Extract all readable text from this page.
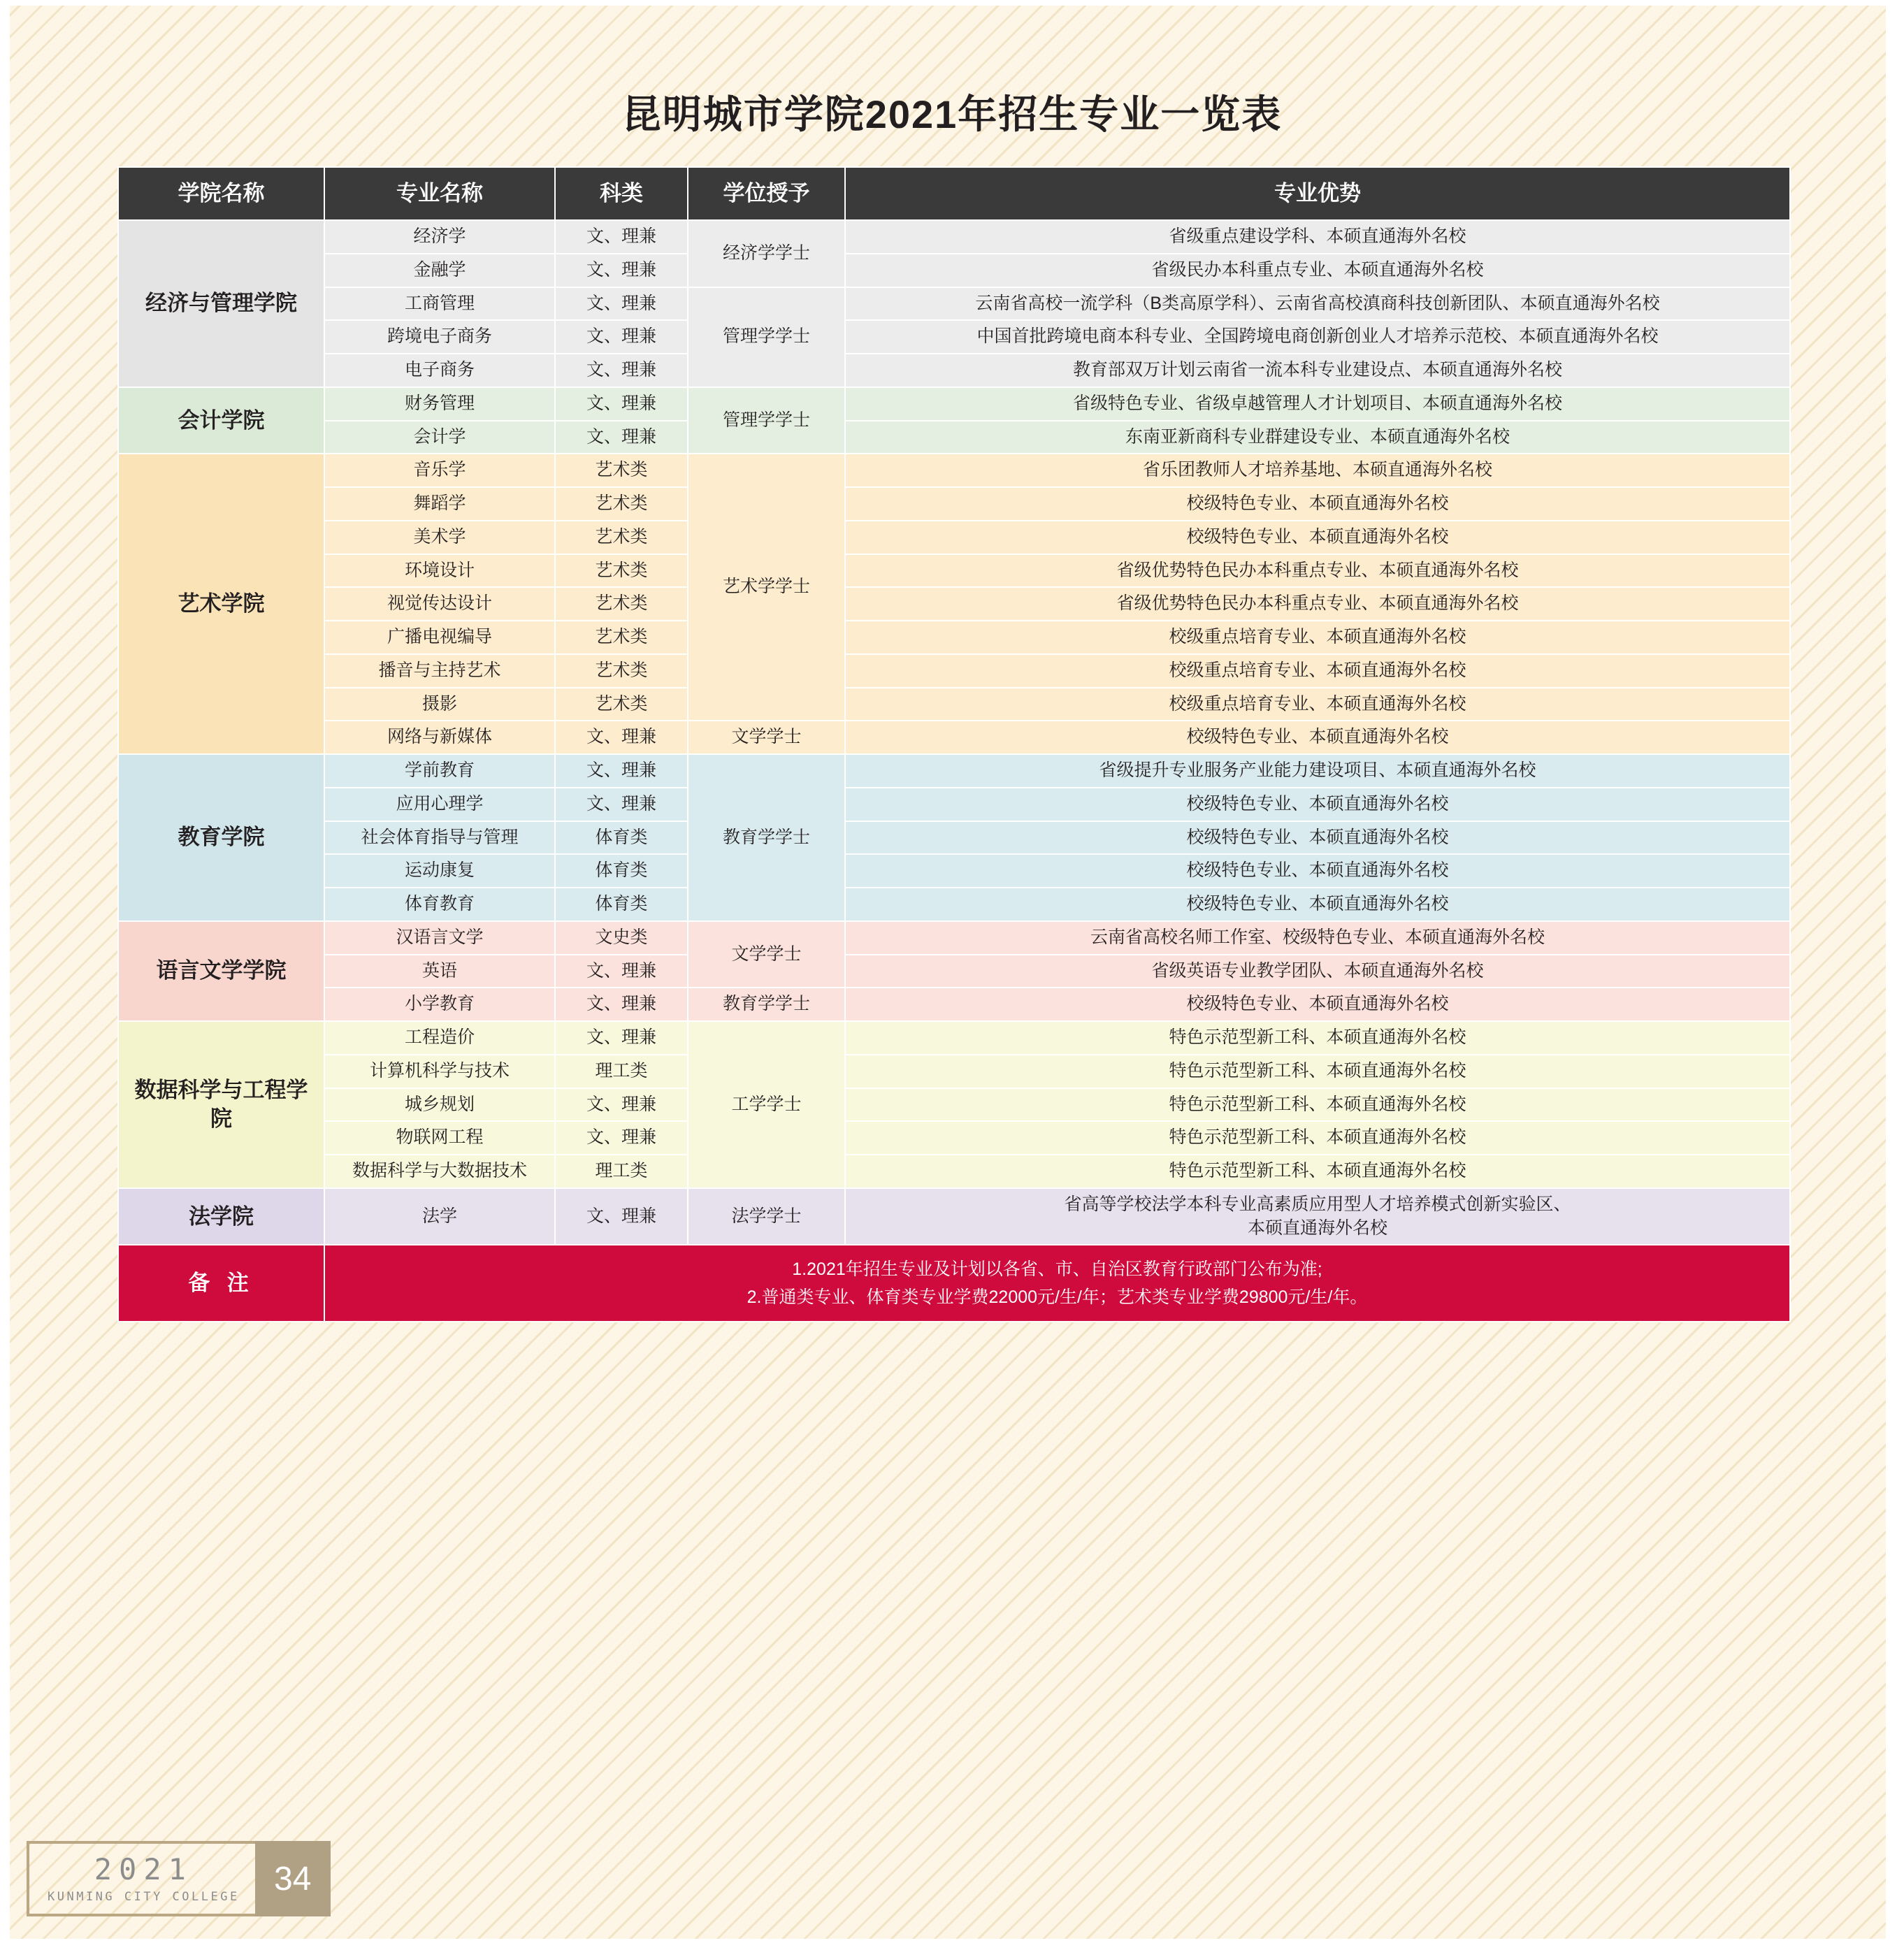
昆明城市学院2021年招生专业一览表
学院名称	专业名称	科类	学位授予	专业优势
经济与管理学院	经济学	文、理兼	经济学学士	省级重点建设学科、本硕直通海外名校
	金融学	文、理兼		省级民办本科重点专业、本硕直通海外名校
	工商管理	文、理兼	管理学学士	云南省高校一流学科（B类高原学科）、云南省高校滇商科技创新团队、本硕直通海外名校
	跨境电子商务	文、理兼		中国首批跨境电商本科专业、全国跨境电商创新创业人才培养示范校、本硕直通海外名校
	电子商务	文、理兼		教育部双万计划云南省一流本科专业建设点、本硕直通海外名校
会计学院	财务管理	文、理兼	管理学学士	省级特色专业、省级卓越管理人才计划项目、本硕直通海外名校
	会计学	文、理兼		东南亚新商科专业群建设专业、本硕直通海外名校
艺术学院	音乐学	艺术类	艺术学学士	省乐团教师人才培养基地、本硕直通海外名校
	舞蹈学	艺术类		校级特色专业、本硕直通海外名校
	美术学	艺术类		校级特色专业、本硕直通海外名校
	环境设计	艺术类		省级优势特色民办本科重点专业、本硕直通海外名校
	视觉传达设计	艺术类		省级优势特色民办本科重点专业、本硕直通海外名校
	广播电视编导	艺术类		校级重点培育专业、本硕直通海外名校
	播音与主持艺术	艺术类		校级重点培育专业、本硕直通海外名校
	摄影	艺术类		校级重点培育专业、本硕直通海外名校
	网络与新媒体	文、理兼	文学学士	校级特色专业、本硕直通海外名校
教育学院	学前教育	文、理兼	教育学学士	省级提升专业服务产业能力建设项目、本硕直通海外名校
	应用心理学	文、理兼		校级特色专业、本硕直通海外名校
	社会体育指导与管理	体育类		校级特色专业、本硕直通海外名校
	运动康复	体育类		校级特色专业、本硕直通海外名校
	体育教育	体育类		校级特色专业、本硕直通海外名校
语言文学学院	汉语言文学	文史类	文学学士	云南省高校名师工作室、校级特色专业、本硕直通海外名校
	英语	文、理兼		省级英语专业教学团队、本硕直通海外名校
	小学教育	文、理兼	教育学学士	校级特色专业、本硕直通海外名校
数据科学与工程学院	工程造价	文、理兼	工学学士	特色示范型新工科、本硕直通海外名校
	计算机科学与技术	理工类		特色示范型新工科、本硕直通海外名校
	城乡规划	文、理兼		特色示范型新工科、本硕直通海外名校
	物联网工程	文、理兼		特色示范型新工科、本硕直通海外名校
	数据科学与大数据技术	理工类		特色示范型新工科、本硕直通海外名校
法学院	法学	文、理兼	法学学士	省高等学校法学本科专业高素质应用型人才培养模式创新实验区、
本硕直通海外名校
备 注	1.2021年招生专业及计划以各省、市、自治区教育行政部门公布为准;
2.普通类专业、体育类专业学费22000元/生/年；艺术类专业学费29800元/生/年。			
2021
KUNMING CITY COLLEGE	34
